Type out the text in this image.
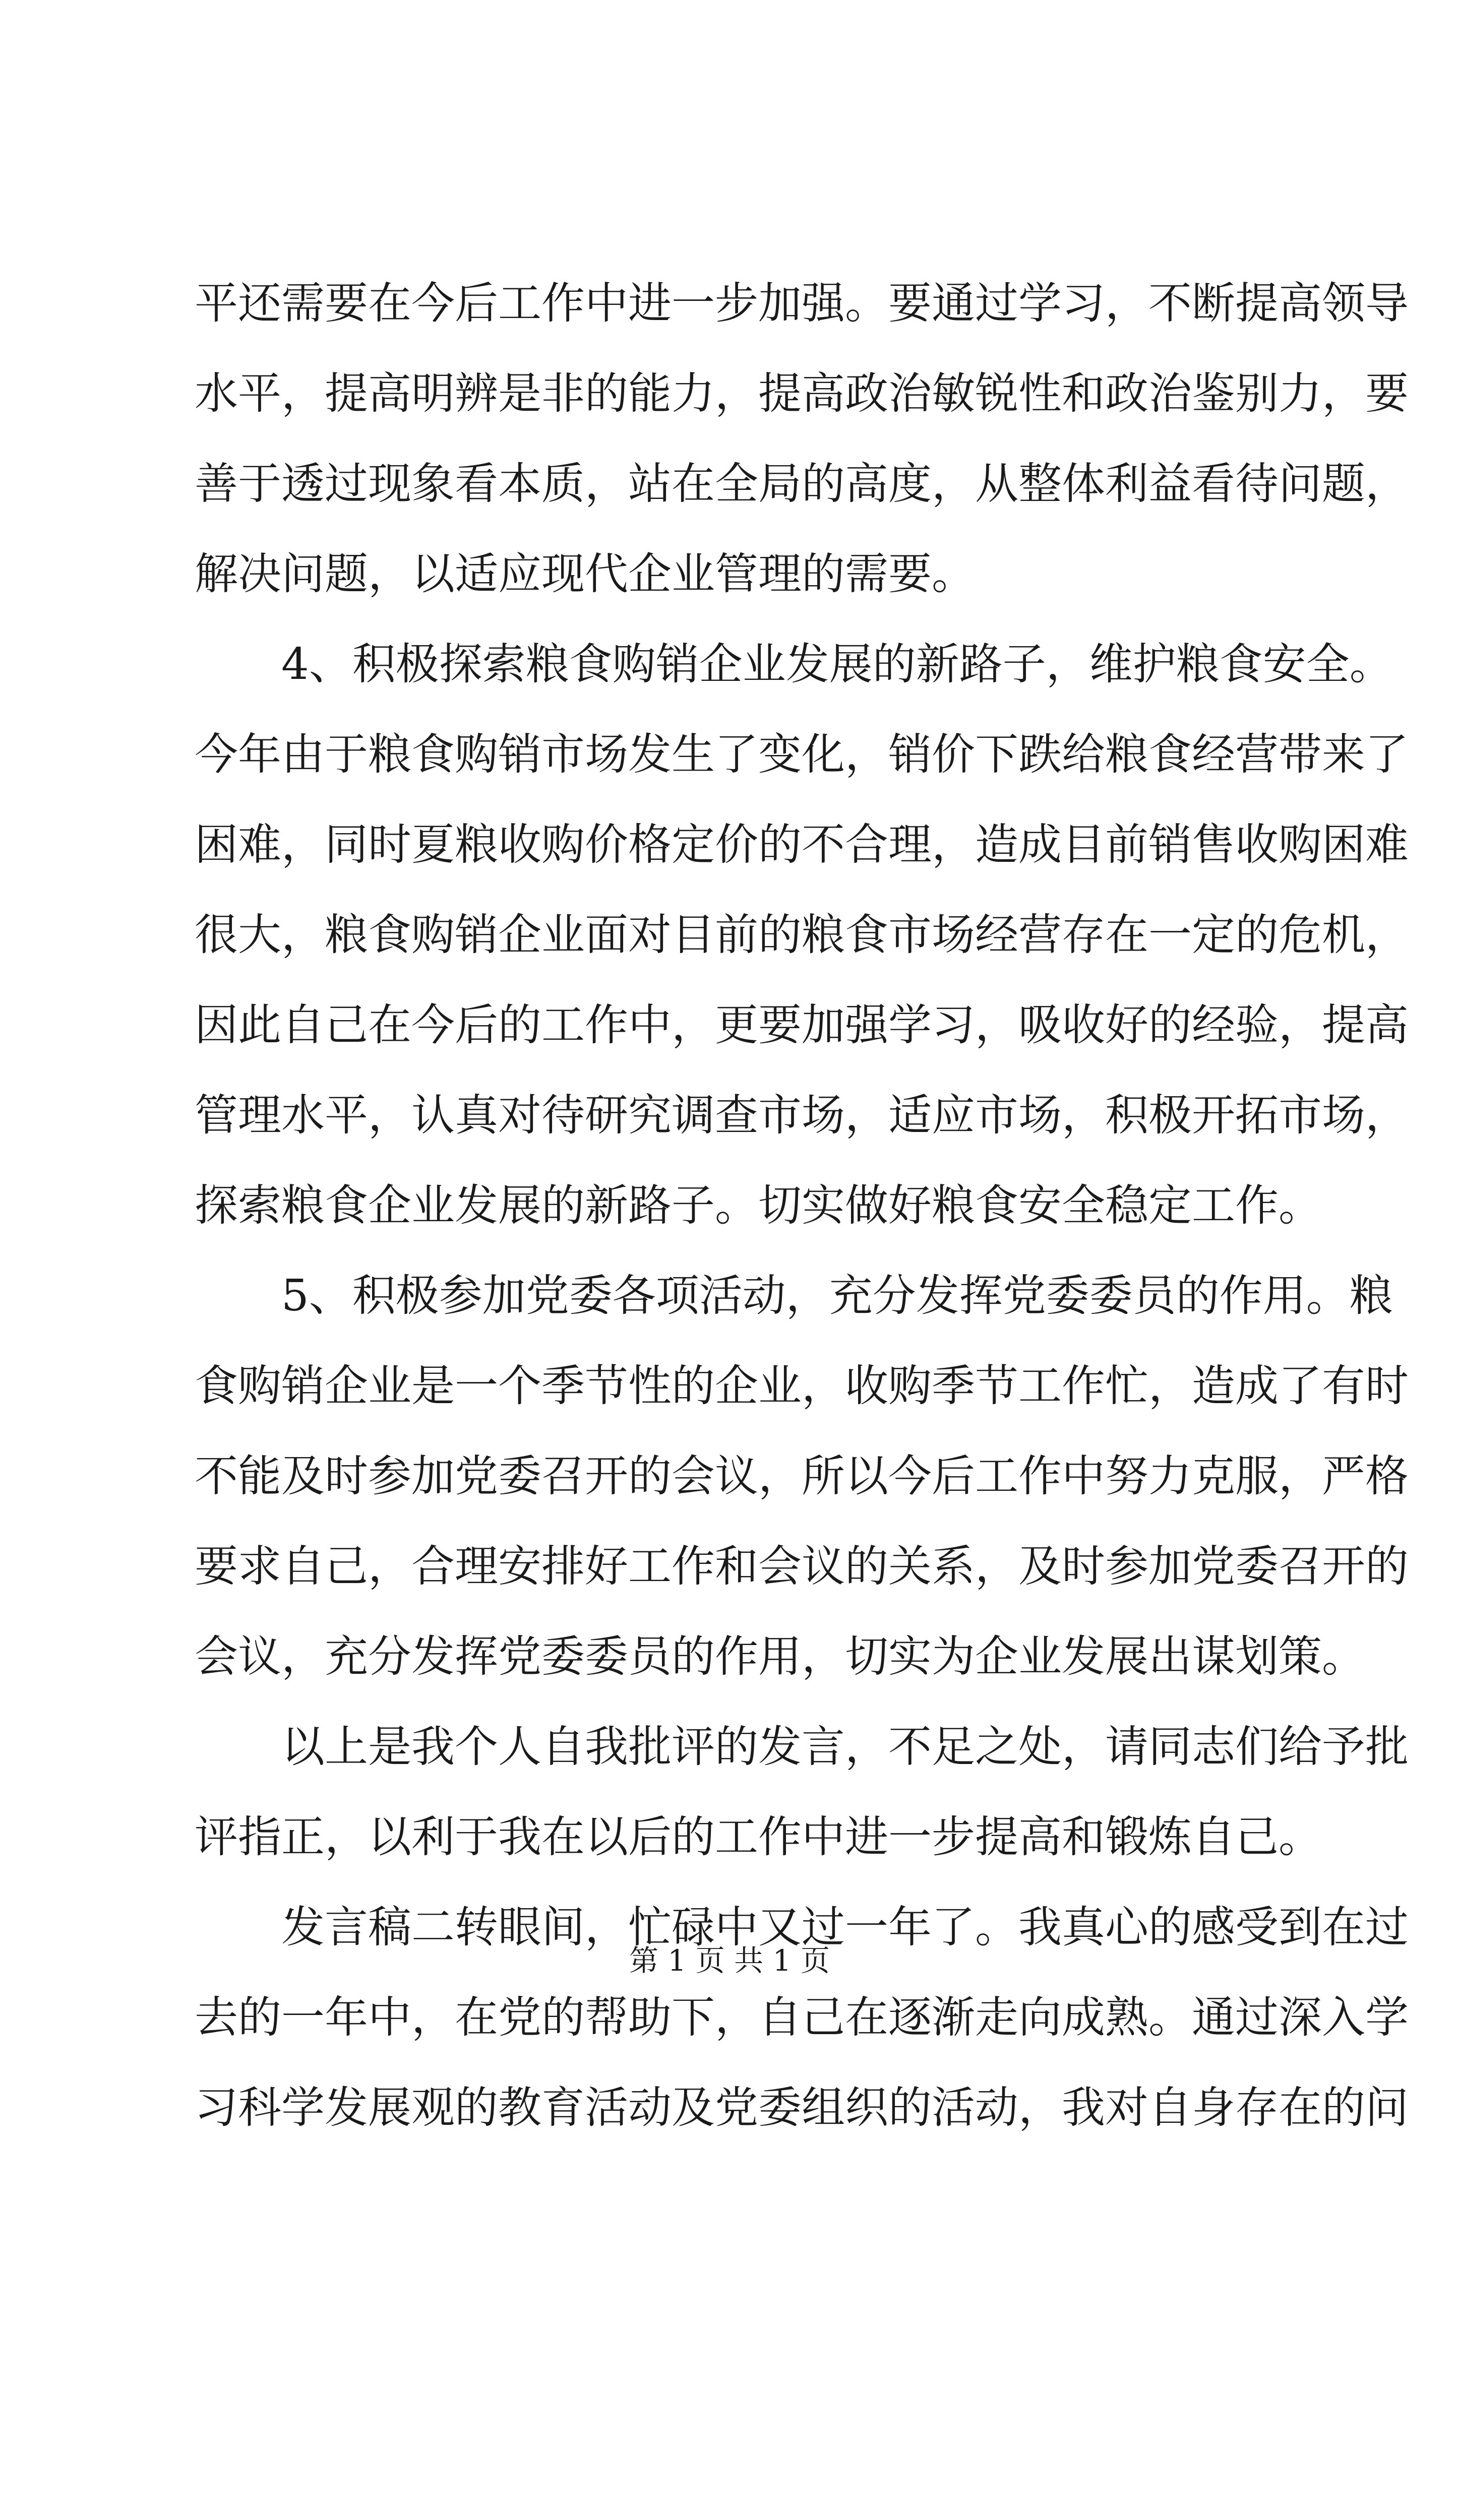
平还需要在今后工作中进一步加强。要通过学习，不断提高领导
水平，提高明辨是非的能力，提高政治敏锐性和政治鉴别力，要
善于透过现象看本质，站在全局的高度，从整体利益看待问题，
解决问题，以适应现代企业管理的需要。
4、积极探索粮食购销企业发展的新路子，维护粮食安全。
今年由于粮食购销市场发生了变化，销价下跌给粮食经营带来了
困难，同时夏粮收购价格定价的不合理，造成目前销售收购困难
很大，粮食购销企业面对目前的粮食市场经营存在一定的危机，
因此自己在今后的工作中，更要加强学习，吸收好的经验，提高
管理水平，认真对待研究调查市场，适应市场，积极开拓市场，
探索粮食企业发展的新路子。切实做好粮食安全稳定工作。
5、积极参加党委各项活动，充分发挥党委委员的作用。粮
食购销企业是一个季节性的企业，收购季节工作忙，造成了有时
不能及时参加党委召开的会议，所以今后工作中努力克服，严格
要求自己，合理安排好工作和会议的关系，及时参加党委召开的
会议，充分发挥党委委员的作用，切实为企业发展出谋划策。
以上是我个人自我批评的发言，不足之处，请同志们给予批
评指正，以利于我在以后的工作中进一步提高和锻炼自己。
发言稿二转眼间，忙碌中又过一年了。我真心的感受到在过
去的一年中，在党的帮助下，自己在逐渐走向成熟。通过深入学
习科学发展观的教育活动及党委组织的活动，我对自身存在的问
第 1 页 共 1 页
